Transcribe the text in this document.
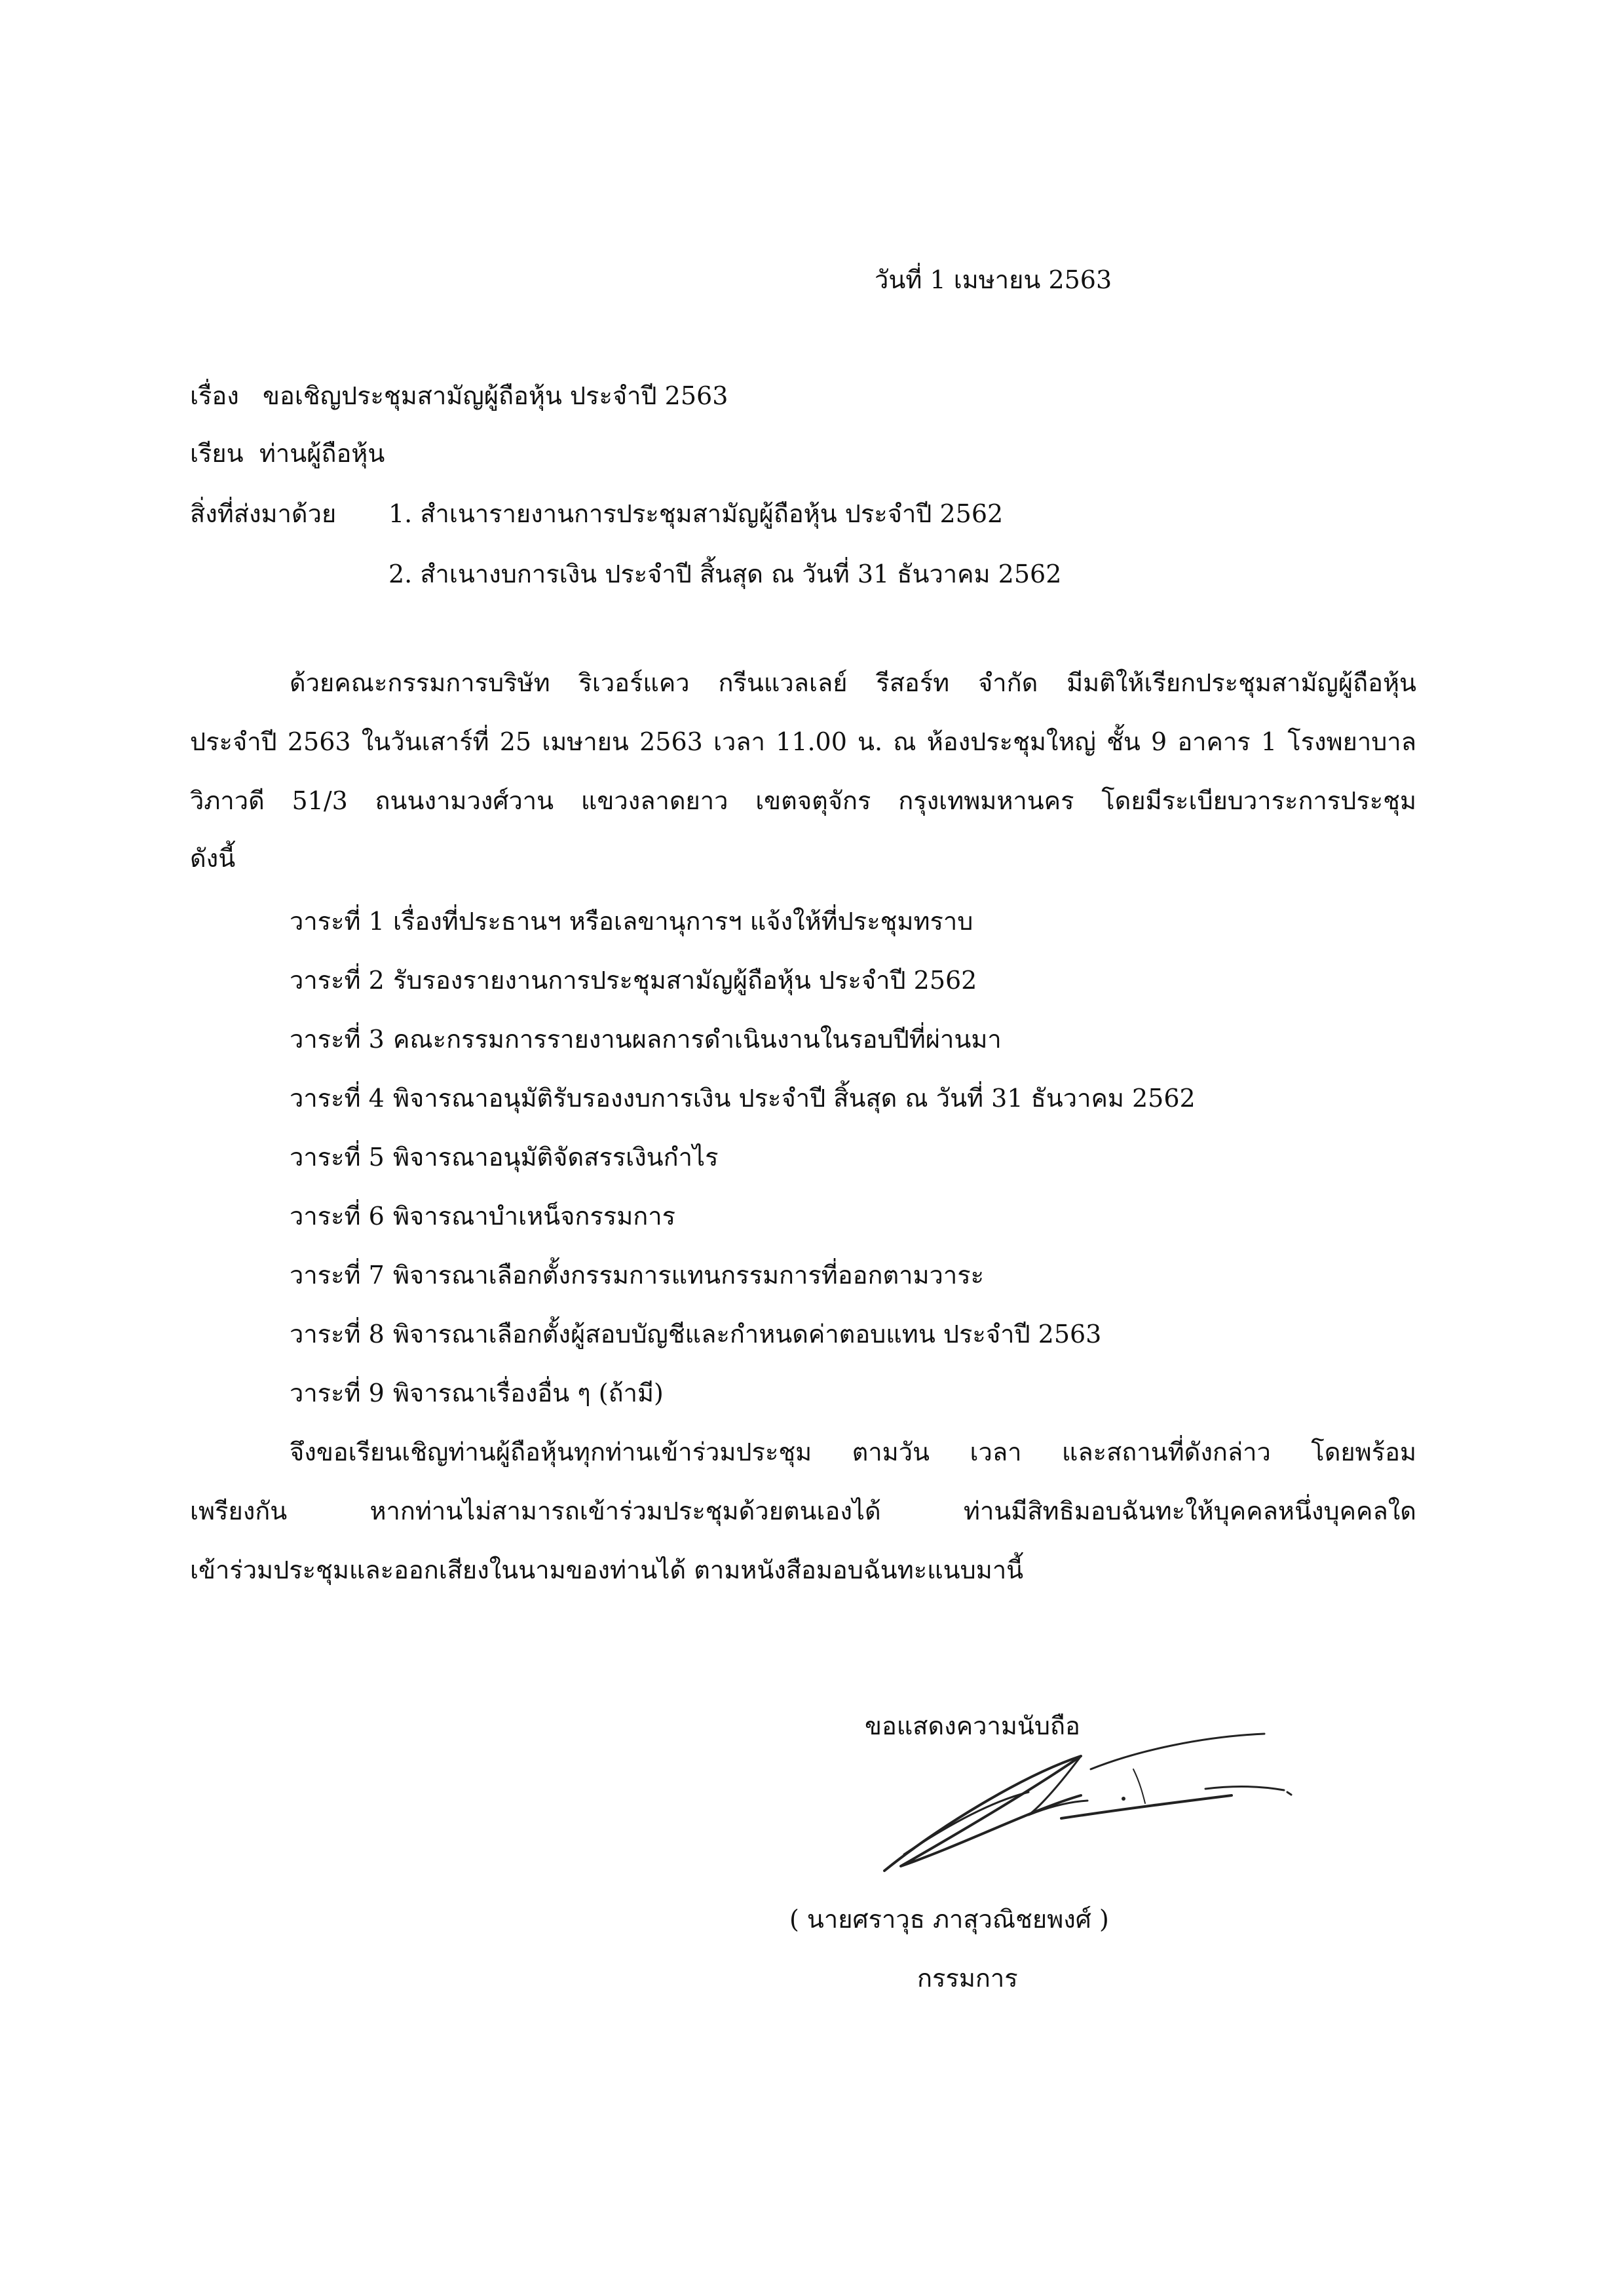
วันที่ 1 เมษายน 2563
เรื่อง ขอเชิญประชุมสามัญผู้ถือหุ้น ประจำปี 2563
เรียน ท่านผู้ถือหุ้น
สิ่งที่ส่งมาด้วย 1. สำเนารายงานการประชุมสามัญผู้ถือหุ้น ประจำปี 2562
2. สำเนางบการเงิน ประจำปี สิ้นสุด ณ วันที่ 31 ธันวาคม 2562
ด้วยคณะกรรมการบริษัท ริเวอร์แคว กรีนแวลเลย์ รีสอร์ท จำกัด มีมติให้เรียกประชุมสามัญผู้ถือหุ้น
ประจำปี 2563 ในวันเสาร์ที่ 25 เมษายน 2563 เวลา 11.00 น. ณ ห้องประชุมใหญ่ ชั้น 9 อาคาร 1 โรงพยาบาล
วิภาวดี 51/3 ถนนงามวงศ์วาน แขวงลาดยาว เขตจตุจักร กรุงเทพมหานคร โดยมีระเบียบวาระการประชุม
ดังนี้
วาระที่ 1 เรื่องที่ประธานฯ หรือเลขานุการฯ แจ้งให้ที่ประชุมทราบ
วาระที่ 2 รับรองรายงานการประชุมสามัญผู้ถือหุ้น ประจำปี 2562
วาระที่ 3 คณะกรรมการรายงานผลการดำเนินงานในรอบปีที่ผ่านมา
วาระที่ 4 พิจารณาอนุมัติรับรองงบการเงิน ประจำปี สิ้นสุด ณ วันที่ 31 ธันวาคม 2562
วาระที่ 5 พิจารณาอนุมัติจัดสรรเงินกำไร
วาระที่ 6 พิจารณาบำเหน็จกรรมการ
วาระที่ 7 พิจารณาเลือกตั้งกรรมการแทนกรรมการที่ออกตามวาระ
วาระที่ 8 พิจารณาเลือกตั้งผู้สอบบัญชีและกำหนดค่าตอบแทน ประจำปี 2563
วาระที่ 9 พิจารณาเรื่องอื่น ๆ (ถ้ามี)
จึงขอเรียนเชิญท่านผู้ถือหุ้นทุกท่านเข้าร่วมประชุม ตามวัน เวลา และสถานที่ดังกล่าว โดยพร้อม
เพรียงกัน หากท่านไม่สามารถเข้าร่วมประชุมด้วยตนเองได้ ท่านมีสิทธิมอบฉันทะให้บุคคลหนึ่งบุคคลใด
เข้าร่วมประชุมและออกเสียงในนามของท่านได้ ตามหนังสือมอบฉันทะแนบมานี้
ขอแสดงความนับถือ
( นายศราวุธ ภาสุวณิชยพงศ์ )
กรรมการ
